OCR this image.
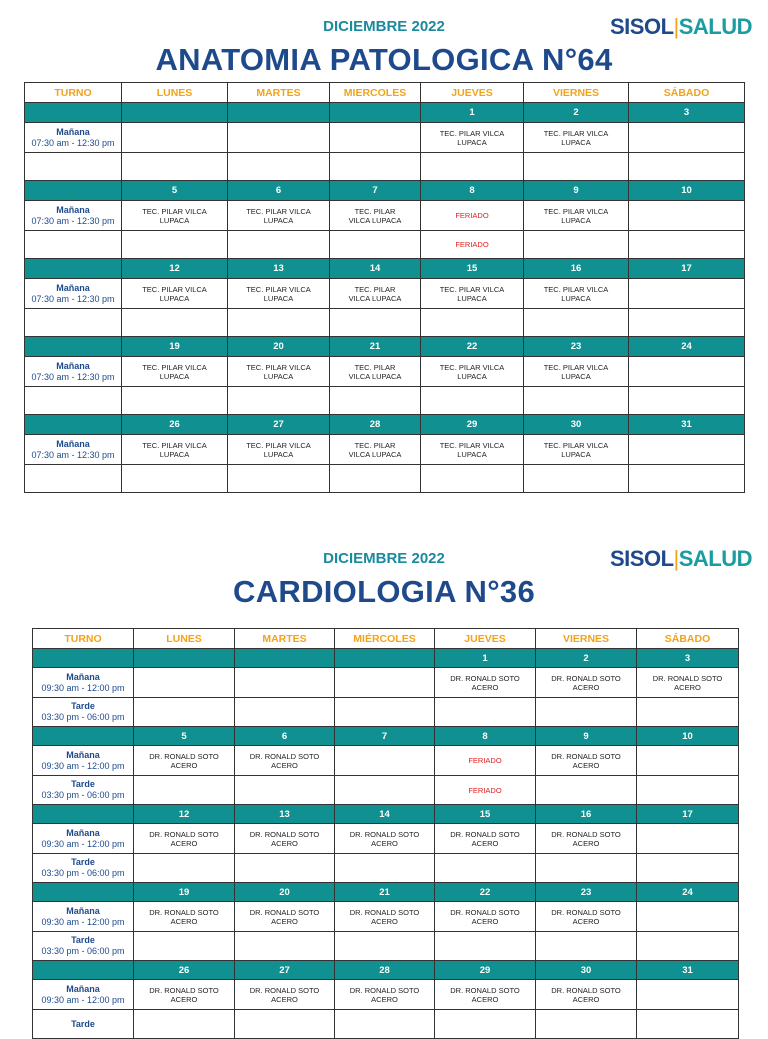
DICIEMBRE 2022
ANATOMIA PATOLOGICA N°64
SISOL|SALUD
TURNO	LUNES	MARTES	MIERCOLES	JUEVES	VIERNES	SÁBADO
				1	2	3
Mañana
07:30 am - 12:30 pm				TEC. PILAR VILCA LUPACA	TEC. PILAR VILCA LUPACA	

	5	6	7	8	9	10
Mañana
07:30 am - 12:30 pm	TEC. PILAR VILCA LUPACA	TEC. PILAR VILCA LUPACA	TEC. PILAR VILCA LUPACA	FERIADO	TEC. PILAR VILCA LUPACA	

				FERIADO		
	12	13	14	15	16	17
Mañana
07:30 am - 12:30 pm	TEC. PILAR VILCA LUPACA	TEC. PILAR VILCA LUPACA	TEC. PILAR VILCA LUPACA	TEC. PILAR VILCA LUPACA	TEC. PILAR VILCA LUPACA	

	19	20	21	22	23	24
Mañana
07:30 am - 12:30 pm	TEC. PILAR VILCA LUPACA	TEC. PILAR VILCA LUPACA	TEC. PILAR VILCA LUPACA	TEC. PILAR VILCA LUPACA	TEC. PILAR VILCA LUPACA	

	26	27	28	29	30	31
Mañana
07:30 am - 12:30 pm	TEC. PILAR VILCA LUPACA	TEC. PILAR VILCA LUPACA	TEC. PILAR VILCA LUPACA	TEC. PILAR VILCA LUPACA	TEC. PILAR VILCA LUPACA	

DICIEMBRE 2022
CARDIOLOGIA N°36
SISOL|SALUD
TURNO	LUNES	MARTES	MIÉRCOLES	JUEVES	VIERNES	SÁBADO
				1	2	3
Mañana
09:30 am - 12:00 pm				DR. RONALD SOTO ACERO	DR. RONALD SOTO ACERO	DR. RONALD SOTO ACERO
Tarde
03:30 pm - 06:00 pm						
	5	6	7	8	9	10
Mañana
09:30 am - 12:00 pm	DR. RONALD SOTO ACERO	DR. RONALD SOTO ACERO		FERIADO	DR. RONALD SOTO ACERO	
Tarde
03:30 pm - 06:00 pm				FERIADO		
	12	13	14	15	16	17
Mañana
09:30 am - 12:00 pm	DR. RONALD SOTO ACERO	DR. RONALD SOTO ACERO	DR. RONALD SOTO ACERO	DR. RONALD SOTO ACERO	DR. RONALD SOTO ACERO	
Tarde
03:30 pm - 06:00 pm						
	19	20	21	22	23	24
Mañana
09:30 am - 12:00 pm	DR. RONALD SOTO ACERO	DR. RONALD SOTO ACERO	DR. RONALD SOTO ACERO	DR. RONALD SOTO ACERO	DR. RONALD SOTO ACERO	
Tarde
03:30 pm - 06:00 pm						
	26	27	28	29	30	31
Mañana
09:30 am - 12:00 pm	DR. RONALD SOTO ACERO	DR. RONALD SOTO ACERO	DR. RONALD SOTO ACERO	DR. RONALD SOTO ACERO	DR. RONALD SOTO ACERO	
Tarde
